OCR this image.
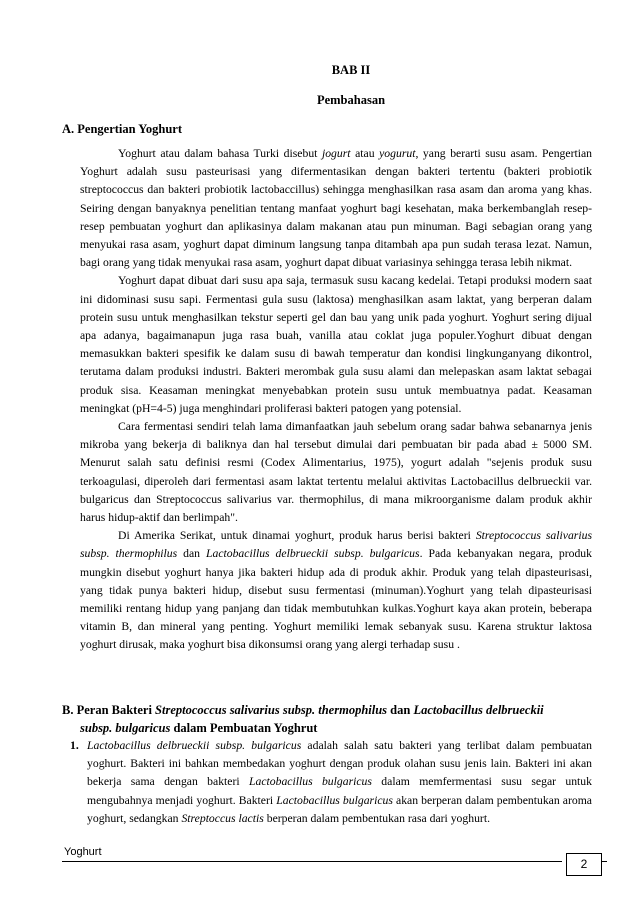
BAB II
Pembahasan
A. Pengertian Yoghurt

Yoghurt atau dalam bahasa Turki disebut jogurt atau yogurut, yang berarti susu asam. Pengertian Yoghurt adalah susu pasteurisasi yang difermentasikan dengan bakteri tertentu (bakteri probiotik streptococcus dan bakteri probiotik lactobaccillus) sehingga menghasilkan rasa asam dan aroma yang khas. Seiring dengan banyaknya penelitian tentang manfaat yoghurt bagi kesehatan, maka berkembanglah resep-resep pembuatan yoghurt dan aplikasinya dalam makanan atau pun minuman. Bagi sebagian orang yang menyukai rasa asam, yoghurt dapat diminum langsung tanpa ditambah apa pun sudah terasa lezat. Namun, bagi orang yang tidak menyukai rasa asam, yoghurt dapat dibuat variasinya sehingga terasa lebih nikmat.

Yoghurt dapat dibuat dari susu apa saja, termasuk susu kacang kedelai. Tetapi produksi modern saat ini didominasi susu sapi. Fermentasi gula susu (laktosa) menghasilkan asam laktat, yang berperan dalam protein susu untuk menghasilkan tekstur seperti gel dan bau yang unik pada yoghurt. Yoghurt sering dijual apa adanya, bagaimanapun juga rasa buah, vanilla atau coklat juga populer.Yoghurt dibuat dengan memasukkan bakteri spesifik ke dalam susu di bawah temperatur dan kondisi lingkunganyang dikontrol, terutama dalam produksi industri. Bakteri merombak gula susu alami dan melepaskan asam laktat sebagai produk sisa. Keasaman meningkat menyebabkan protein susu untuk membuatnya padat. Keasaman meningkat (pH=4-5) juga menghindari proliferasi bakteri patogen yang potensial.

Cara fermentasi sendiri telah lama dimanfaatkan jauh sebelum orang sadar bahwa sebanarnya jenis mikroba yang bekerja di baliknya dan hal tersebut dimulai dari pembuatan bir pada abad ± 5000 SM. Menurut salah satu definisi resmi (Codex Alimentarius, 1975), yogurt adalah "sejenis produk susu terkoagulasi, diperoleh dari fermentasi asam laktat tertentu melalui aktivitas Lactobacillus delbrueckii var. bulgaricus dan Streptococcus salivarius var. thermophilus, di mana mikroorganisme dalam produk akhir harus hidup-aktif dan berlimpah".

Di Amerika Serikat, untuk dinamai yoghurt, produk harus berisi bakteri Streptococcus salivarius subsp. thermophilus dan Lactobacillus delbrueckii subsp. bulgaricus. Pada kebanyakan negara, produk mungkin disebut yoghurt hanya jika bakteri hidup ada di produk akhir. Produk yang telah dipasteurisasi, yang tidak punya bakteri hidup, disebut susu fermentasi (minuman).Yoghurt yang telah dipasteurisasi memiliki rentang hidup yang panjang dan tidak membutuhkan kulkas.Yoghurt kaya akan protein, beberapa vitamin B, dan mineral yang penting. Yoghurt memiliki lemak sebanyak susu. Karena struktur laktosa yoghurt dirusak, maka yoghurt bisa dikonsumsi orang yang alergi terhadap susu .

B. Peran Bakteri Streptococcus salivarius subsp. thermophilus dan Lactobacillus delbrueckii
subsp. bulgaricus dalam Pembuatan Yoghrut
1. Lactobacillus delbrueckii subsp. bulgaricus adalah salah satu bakteri yang terlibat dalam pembuatan yoghurt. Bakteri ini bahkan membedakan yoghurt dengan produk olahan susu jenis lain. Bakteri ini akan bekerja sama dengan bakteri Lactobacillus bulgaricus dalam memfermentasi susu segar untuk mengubahnya menjadi yoghurt. Bakteri Lactobacillus bulgaricus akan berperan dalam pembentukan aroma yoghurt, sedangkan Streptoccus lactis berperan dalam pembentukan rasa dari yoghurt.
Yoghurt
2
